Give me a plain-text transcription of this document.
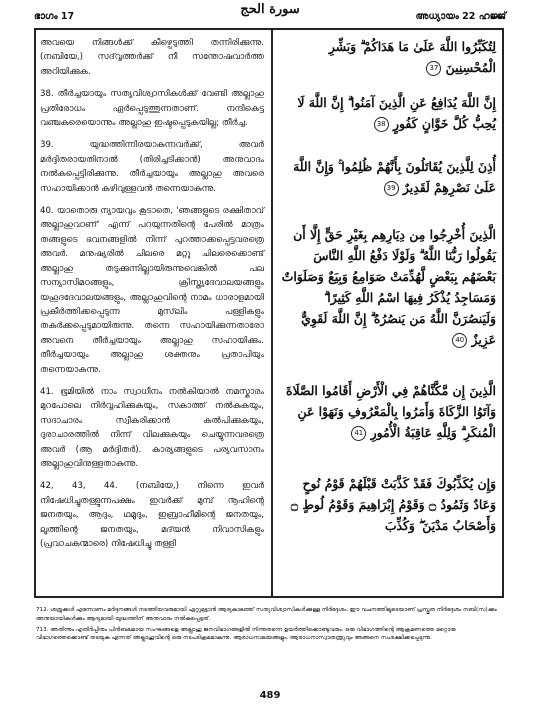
ഭാഗം 17	سورة الحج	അധ്യായം 22 ഹജ്ജ്

അവയെ നിങ്ങൾക്ക് കീഴ്പെടുത്തി തന്നിരിക്കുന്നു. (നബിയേ,) സദ്‌വൃത്തർക്ക് നീ സന്തോഷവാർത്ത അറിയിക്കുക.

38. തീർച്ചയായും സത്യവിശ്വാസികൾക്ക് വേണ്ടി അല്ലാഹു പ്രതിരോധം ഏർപ്പെടുത്തുന്നതാണ്. നന്ദികെട്ട വഞ്ചകരെയൊന്നും അല്ലാഹു ഇഷ്ടപ്പെടുകയില്ല; തീർച്ച.

39. യുദ്ധത്തിന്നിരയാകുന്നവർക്ക്, അവർ മർദ്ദിതരായതിനാൽ (തിരിച്ചടിക്കാൻ) അനുവാദം നൽകപ്പെട്ടിരിക്കുന്നു. തീർച്ചയായും അല്ലാഹു അവരെ സഹായിക്കാൻ കഴിവുള്ളവൻ തന്നെയാകുന്നു.

40. യാതൊരു ന്യായവും കൂടാതെ, 'ഞങ്ങളുടെ രക്ഷിതാവ് അല്ലാഹുവാണ്' എന്ന് പറയുന്നതിന്റെ പേരിൽ മാത്രം തങ്ങളുടെ ഭവനങ്ങളിൽ നിന്ന് പുറത്താക്കപ്പെട്ടവരത്രെ അവർ. മനുഷ്യരിൽ ചിലരെ മറ്റു ചിലരെക്കൊണ്ട് അല്ലാഹു തടുക്കുന്നില്ലായിരുന്നുവെങ്കിൽ പല സന്യാസിമഠങ്ങളും, ക്രിസ്ത്യദേവാലയങ്ങളും യഹൂദദേവാലയങ്ങളും, അല്ലാഹുവിന്റെ നാമം ധാരാളമായി പ്രകീർത്തിക്കപ്പെടുന്ന മുസ്‌ലിം പള്ളികളും തകർക്കപ്പെടുമായിരുന്നു. തന്നെ സഹായിക്കുന്നതാരോ അവനെ തീർച്ചയായും അല്ലാഹു സഹായിക്കും. തീർച്ചയായും അല്ലാഹു ശക്തനും പ്രതാപിയും തന്നെയാകുന്നു.

41. ഭൂമിയിൽ നാം സ്വാധീനം നൽകിയാൽ നമസ്കാരം മുറപോലെ നിർവ്വഹിക്കുകയും, സകാത്ത് നൽകുകയും, സദാചാരം സ്വീകരിക്കാൻ കൽപിക്കുകയും, ദുരാചാരത്തിൽ നിന്ന് വിലക്കുകയും ചെയ്യുന്നവരത്രെ അവർ (ആ മർദ്ദിതർ). കാര്യങ്ങളുടെ പര്യവസാനം അല്ലാഹുവിനുള്ളതാകുന്നു.

42, 43, 44. (നബിയേ,) നിന്നെ ഇവർ നിഷേധിച്ചുതള്ളുന്നപക്ഷം ഇവർക്ക് മുമ്പ് നൂഹിന്റെ ജനതയും, ആദും, ഥമൂദും, ഇബ്രാഹീമിന്റെ ജനതയും, ലൂത്തിന്റെ ജനതയും, മദ്‌യൻ നിവാസികളും (പ്രവാചകന്മാരെ) നിഷേധിച്ചു തള്ളി

لِتُكَبِّرُوا اللَّهَ عَلَىٰ مَا هَدَاكُمْ ۗ وَبَشِّرِ الْمُحْسِنِينَ 37

إِنَّ اللَّهَ يُدَافِعُ عَنِ الَّذِينَ آمَنُوا ۗ إِنَّ اللَّهَ لَا يُحِبُّ كُلَّ خَوَّانٍ كَفُورٍ 38

أُذِنَ لِلَّذِينَ يُقَاتَلُونَ بِأَنَّهُمْ ظُلِمُوا ۚ وَإِنَّ اللَّهَ عَلَىٰ نَصْرِهِمْ لَقَدِيرٌ 39

الَّذِينَ أُخْرِجُوا مِن دِيَارِهِم بِغَيْرِ حَقٍّ إِلَّا أَن يَقُولُوا رَبُّنَا اللَّهُ ۗ وَلَوْلَا دَفْعُ اللَّهِ النَّاسَ بَعْضَهُم بِبَعْضٍ لَّهُدِّمَتْ صَوَامِعُ وَبِيَعٌ وَصَلَوَاتٌ وَمَسَاجِدُ يُذْكَرُ فِيهَا اسْمُ اللَّهِ كَثِيرًا ۗ وَلَيَنصُرَنَّ اللَّهُ مَن يَنصُرُهُ ۗ إِنَّ اللَّهَ لَقَوِيٌّ عَزِيزٌ 40

الَّذِينَ إِن مَّكَّنَّاهُمْ فِي الْأَرْضِ أَقَامُوا الصَّلَاةَ وَآتَوُا الزَّكَاةَ وَأَمَرُوا بِالْمَعْرُوفِ وَنَهَوْا عَنِ الْمُنكَرِ ۗ وَلِلَّهِ عَاقِبَةُ الْأُمُورِ 41

وَإِن يُكَذِّبُوكَ فَقَدْ كَذَّبَتْ قَبْلَهُمْ قَوْمُ نُوحٍ وَعَادٌ وَثَمُودُ ۝ وَقَوْمُ إِبْرَاهِيمَ وَقَوْمُ لُوطٍ ۝ وَأَصْحَابُ مَدْيَنَ ۖ وَكُذِّبَ

712. ശത്രുക്കൾ എന്നോണം മർദ്ദനങ്ങൾ നടത്തിയവരുമായി ഏറ്റുമുട്ടാൻ ആദ്യകാലത്ത് സത്യവിശ്വാസികൾക്കുള്ള നിർദ്ദേശം. ഈ വചനത്തിലൂടെയാണ് പ്രസ്തുത നിർദ്ദേശം നബി(സ)ക്കും അനുയായികൾക്കും ആദ്യമായി യുദ്ധത്തിന് അനുവാദം നൽകപ്പെട്ടത്.

713. അതിന്നും എതിർപ്പിനും പിൻബലമായ സംഘങ്ങളെ അല്ലാഹു ജനവിഭാഗങ്ങളിൽ നിന്നുതന്നെ ഉയർത്തിക്കൊണ്ടുവരും. ഒരു വിഭാഗത്തിന്റെ ആക്രമണത്തെ മറ്റൊരു വിഭാഗത്തെക്കൊണ്ട് തടയുക എന്നത് അല്ലാഹുവിന്റെ ഒരു നടപടിക്രമമാകുന്നു. ആരാധനാലയങ്ങളും, ആരാധനാസ്വാതന്ത്ര്യവും അങ്ങനെ സംരക്ഷിക്കപ്പെടുന്നു.

489
